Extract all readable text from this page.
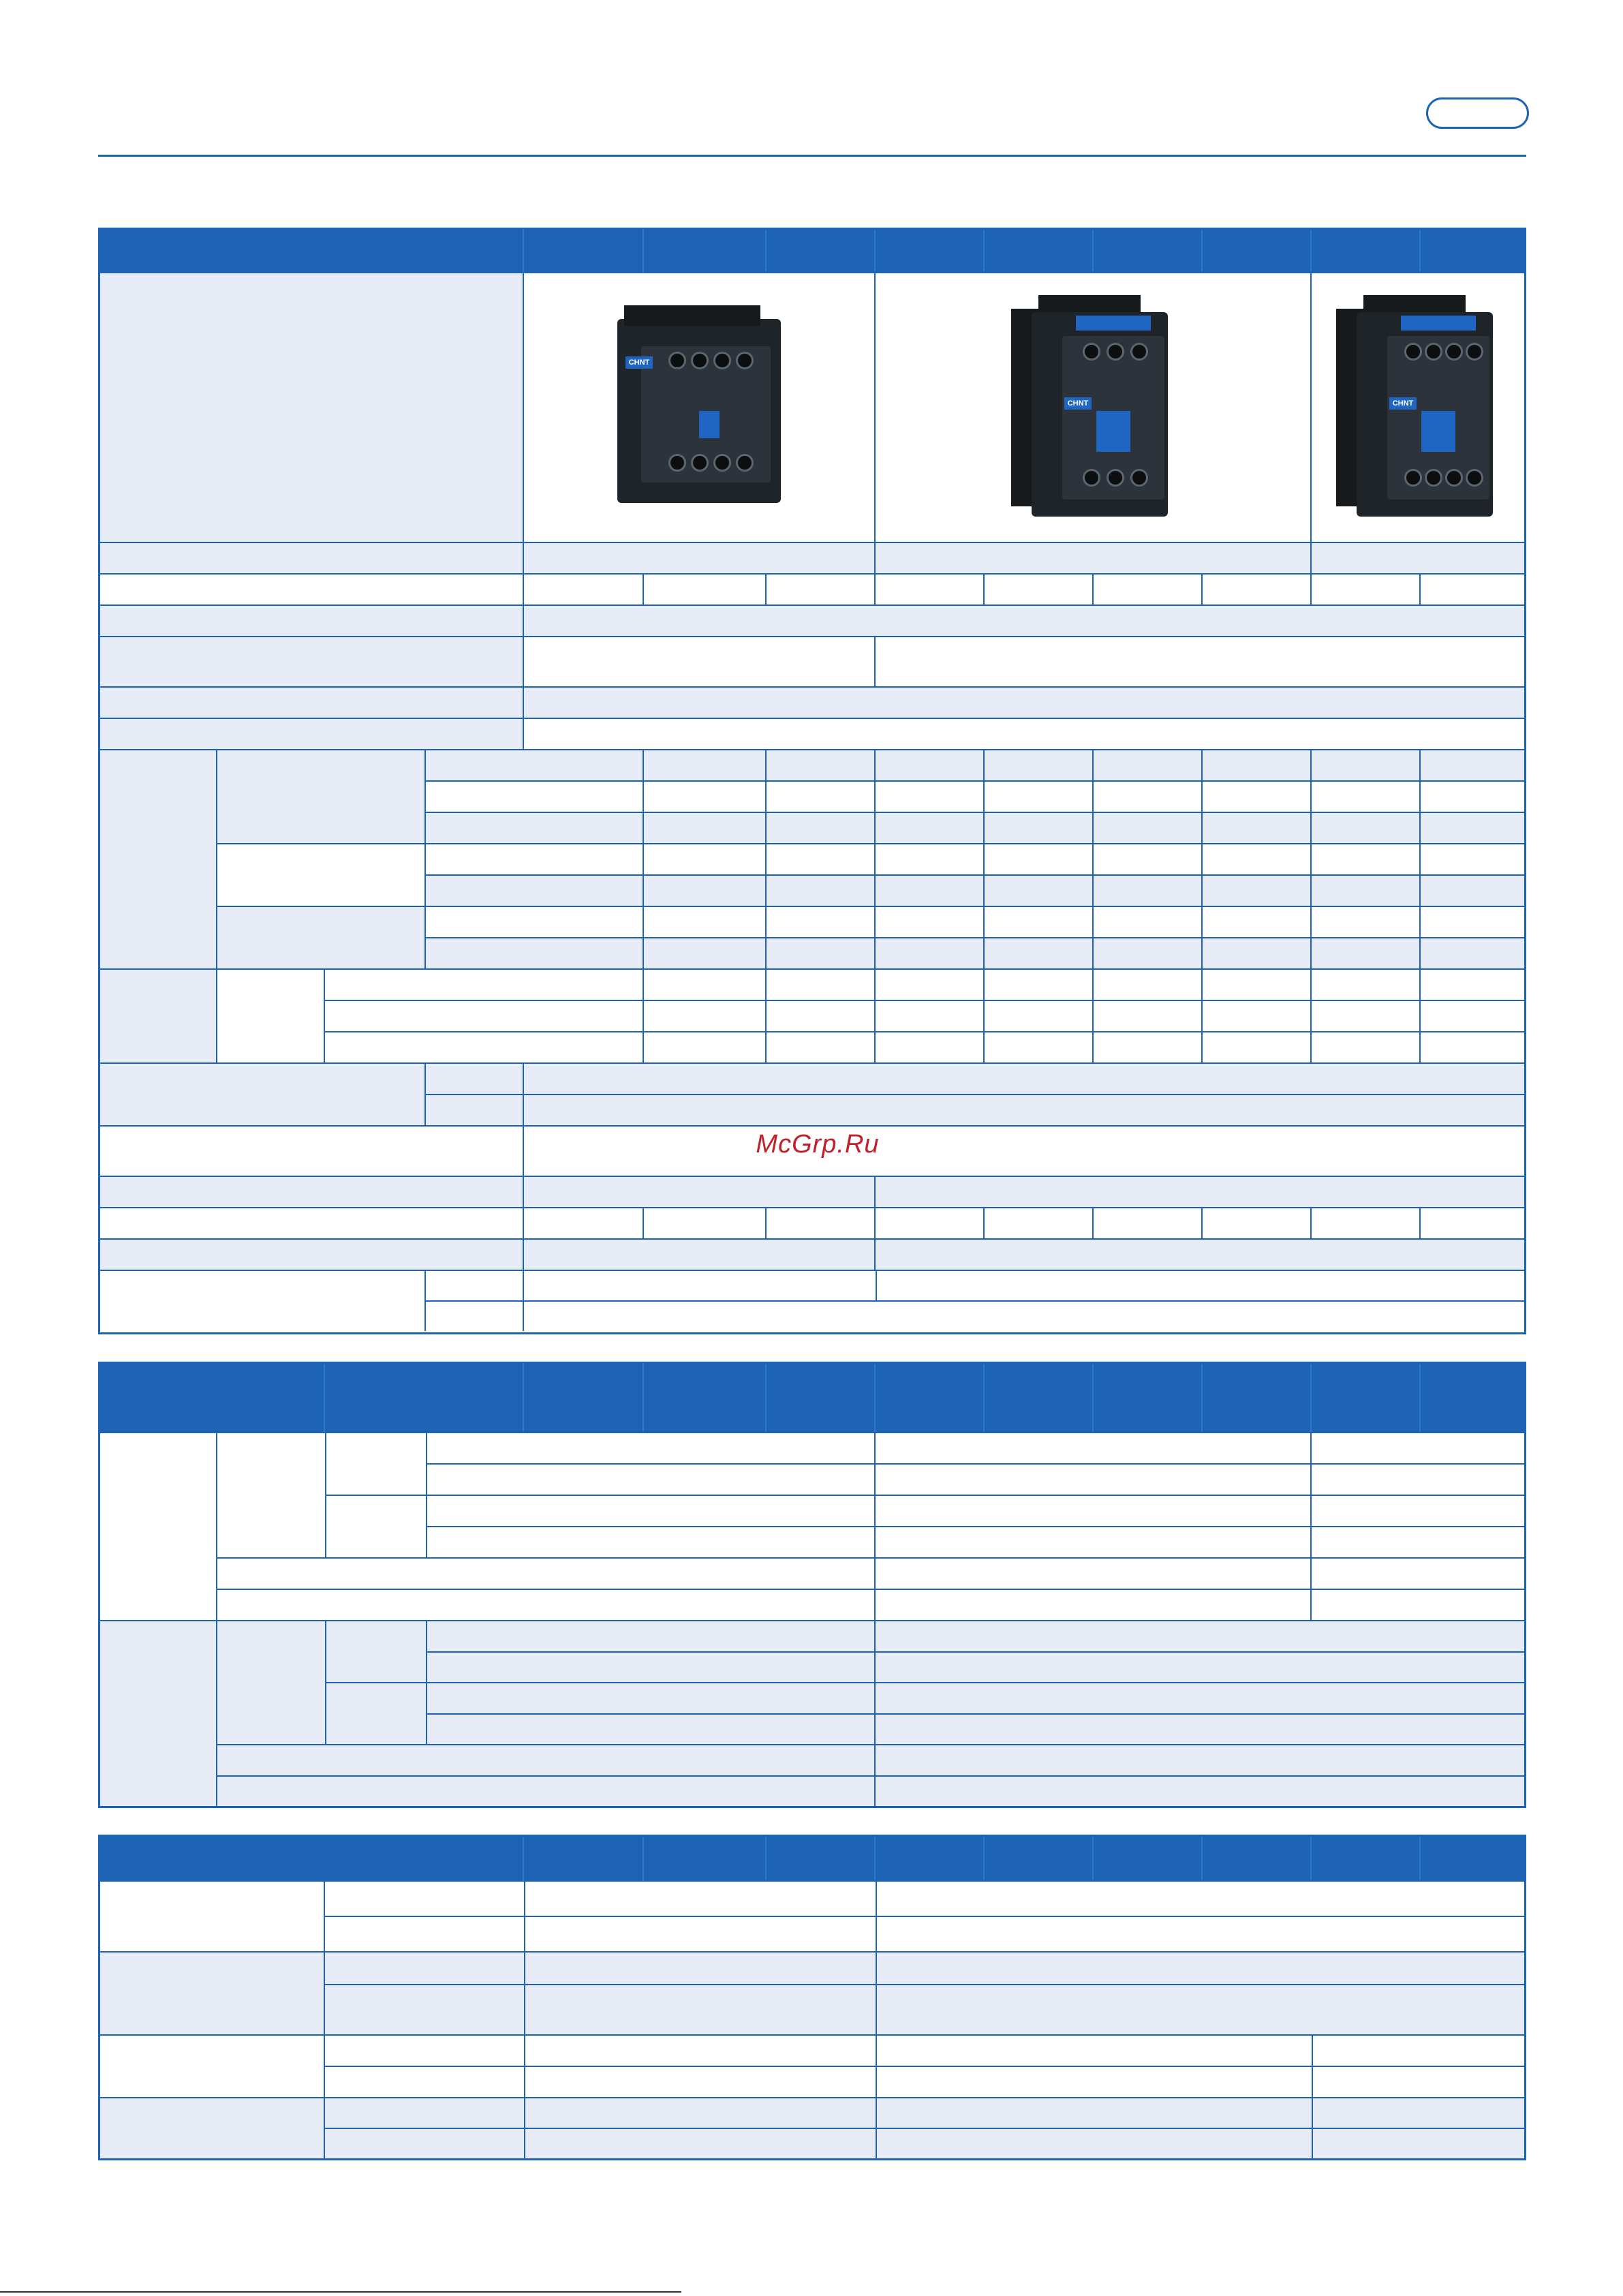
CHNT
CHNT	CHNT
McGrp.Ru
